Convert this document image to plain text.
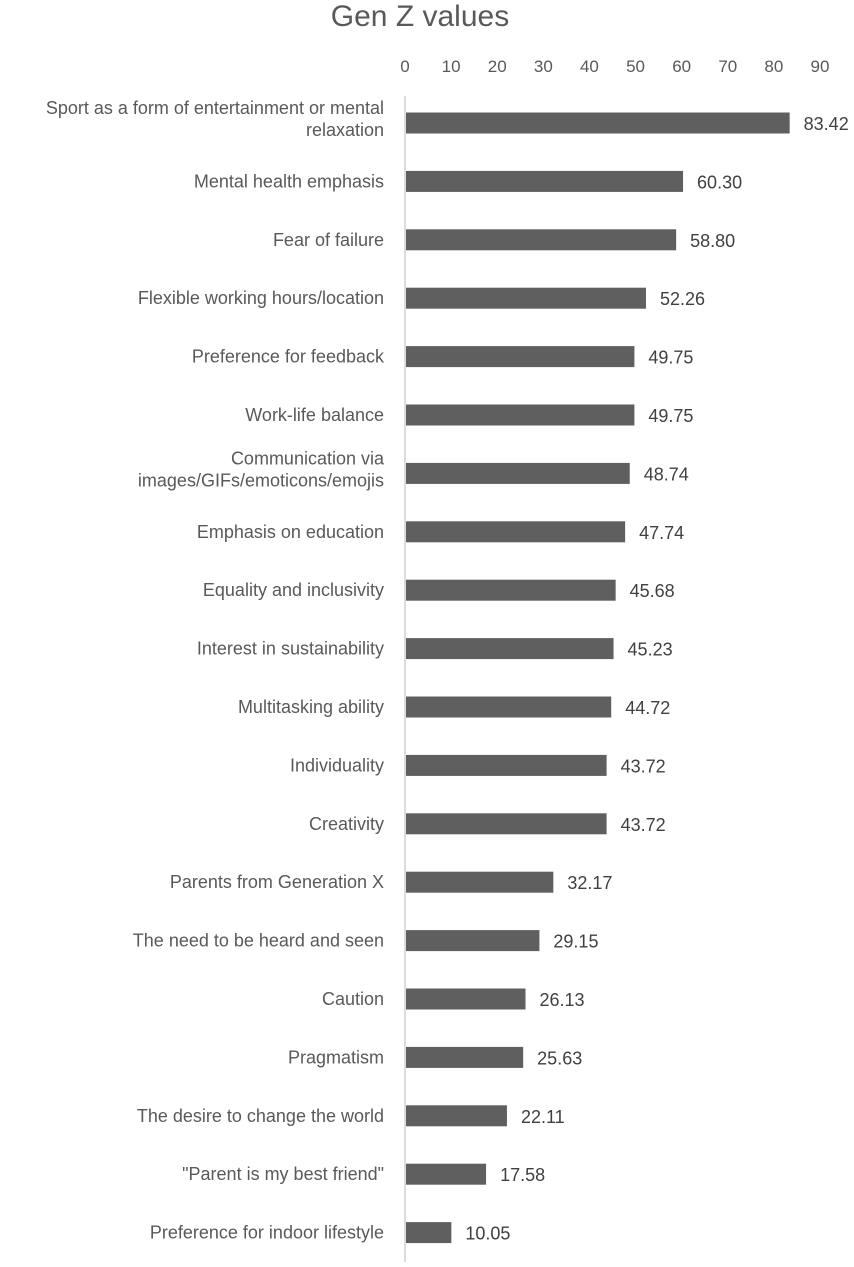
Gen Z values
0 10 20 30 40 50 60 70 80 90
Sport as a form of entertainment or mental relaxation
Mental health emphasis
Fear of failure
Flexible working hours/location
Preference for feedback
Work-life balance
Communication via images/GIFs/emoticons/emojis
Emphasis on education
Equality and inclusivity
Interest in sustainability
Multitasking ability
Individuality
Creativity
Parents from Generation X
The need to be heard and seen
Caution
Pragmatism
The desire to change the world
"Parent is my best friend"
Preference for indoor lifestyle
83.42
60.30
58.80
52.26
49.75
49.75
48.74
47.74
45.68
45.23
44.72
43.72
43.72
32.17
29.15
26.13
25.63
22.11
17.58
10.05
